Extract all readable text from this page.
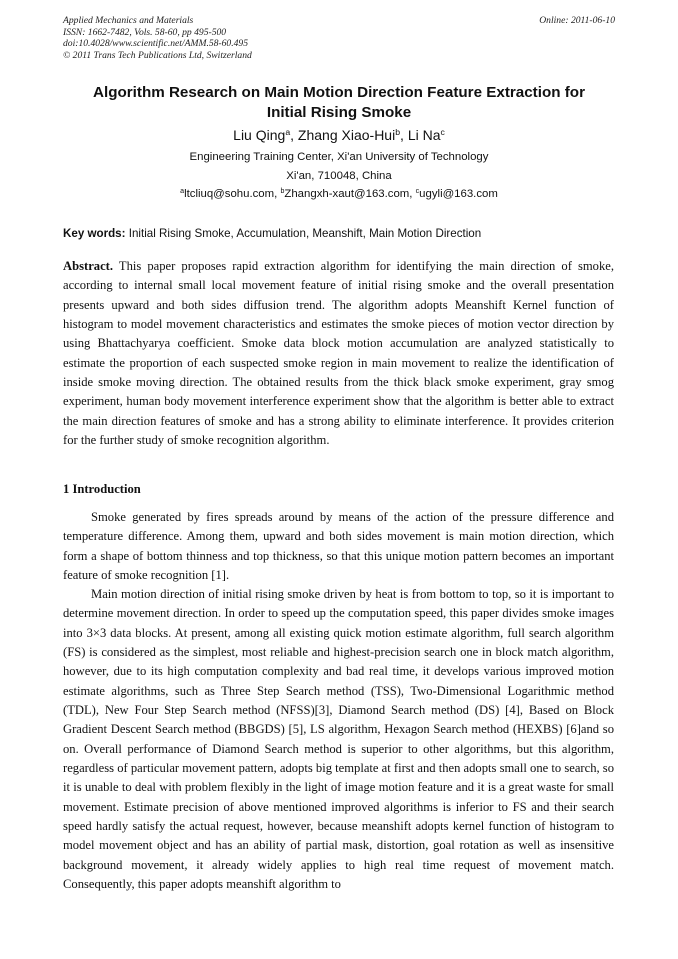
Applied Mechanics and Materials
ISSN: 1662-7482, Vols. 58-60, pp 495-500
doi:10.4028/www.scientific.net/AMM.58-60.495
© 2011 Trans Tech Publications Ltd, Switzerland
Online: 2011-06-10
Algorithm Research on Main Motion Direction Feature Extraction for
Initial Rising Smoke
Liu Qing$^a$, Zhang Xiao-Hui$^b$, Li Na$^c$
Engineering Training Center, Xi'an University of Technology
Xi'an, 710048, China
$^a$ltcliuq@sohu.com, $^b$Zhangxh-xaut@163.com, $^c$ugyli@163.com
Key words: Initial Rising Smoke, Accumulation, Meanshift, Main Motion Direction

Abstract. This paper proposes rapid extraction algorithm for identifying the main direction of smoke, according to internal small local movement feature of initial rising smoke and the overall presentation presents upward and both sides diffusion trend. The algorithm adopts Meanshift Kernel function of histogram to model movement characteristics and estimates the smoke pieces of motion vector direction by using Bhattachyarya coefficient. Smoke data block motion accumulation are analyzed statistically to estimate the proportion of each suspected smoke region in main movement to realize the identification of inside smoke moving direction. The obtained results from the thick black smoke experiment, gray smog experiment, human body movement interference experiment show that the algorithm is better able to extract the main direction features of smoke and has a strong ability to eliminate interference. It provides criterion for the further study of smoke recognition algorithm.

1 Introduction

Smoke generated by fires spreads around by means of the action of the pressure difference and temperature difference. Among them, upward and both sides movement is main motion direction, which form a shape of bottom thinness and top thickness, so that this unique motion pattern becomes an important feature of smoke recognition [1].

Main motion direction of initial rising smoke driven by heat is from bottom to top, so it is important to determine movement direction. In order to speed up the computation speed, this paper divides smoke images into 3×3 data blocks. At present, among all existing quick motion estimate algorithm, full search algorithm (FS) is considered as the simplest, most reliable and highest-precision search one in block match algorithm, however, due to its high computation complexity and bad real time, it develops various improved motion estimate algorithms, such as Three Step Search method (TSS), Two-Dimensional Logarithmic method (TDL), New Four Step Search method (NFSS)[3], Diamond Search method (DS) [4], Based on Block Gradient Descent Search method (BBGDS) [5], LS algorithm, Hexagon Search method (HEXBS) [6]and so on. Overall performance of Diamond Search method is superior to other algorithms, but this algorithm, regardless of particular movement pattern, adopts big template at first and then adopts small one to search, so it is unable to deal with problem flexibly in the light of image motion feature and it is a great waste for small movement. Estimate precision of above mentioned improved algorithms is inferior to FS and their search speed hardly satisfy the actual request, however, because meanshift adopts kernel function of histogram to model movement object and has an ability of partial mask, distortion, goal rotation as well as insensitive background movement, it already widely applies to high real time request of movement match. Consequently, this paper adopts meanshift algorithm to
